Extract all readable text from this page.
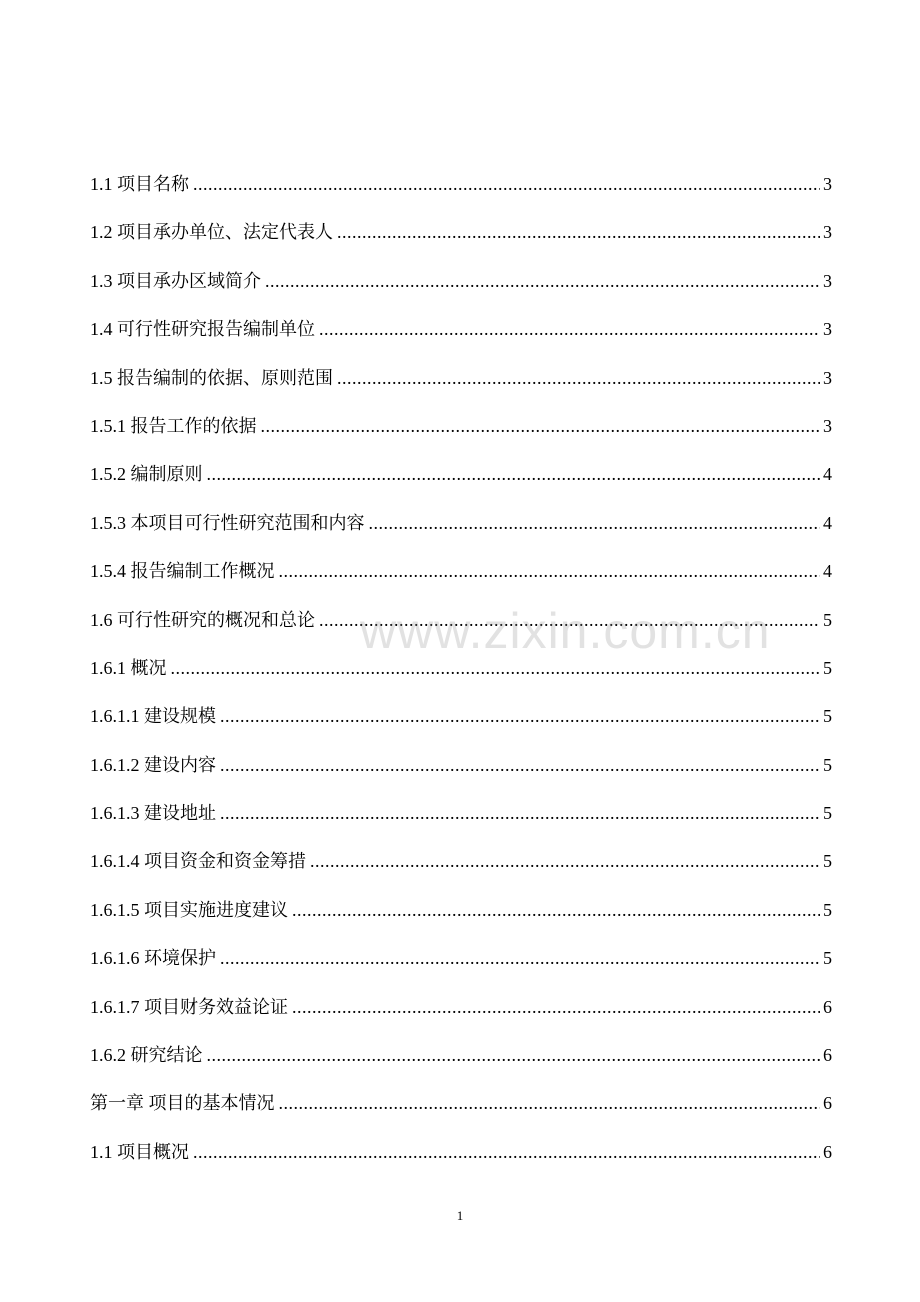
1.1 项目名称 .....	3
1.2 项目承办单位、法定代表人 .....	3
1.3 项目承办区域简介 .....	3
1.4 可行性研究报告编制单位 .....	3
1.5 报告编制的依据、原则范围 .....	3
1.5.1 报告工作的依据 .....	3
1.5.2 编制原则 .....	4
1.5.3 本项目可行性研究范围和内容 .....	4
1.5.4 报告编制工作概况 .....	4
1.6 可行性研究的概况和总论 .....	5
1.6.1 概况 .....	5
1.6.1.1 建设规模 .....	5
1.6.1.2 建设内容 .....	5
1.6.1.3 建设地址 .....	5
1.6.1.4 项目资金和资金筹措 .....	5
1.6.1.5 项目实施进度建议 .....	5
1.6.1.6 环境保护 .....	5
1.6.1.7 项目财务效益论证 .....	6
1.6.2 研究结论 .....	6
第一章 项目的基本情况 .....	6
1.1 项目概况 .....	6
www.zixin.com.cn
1
